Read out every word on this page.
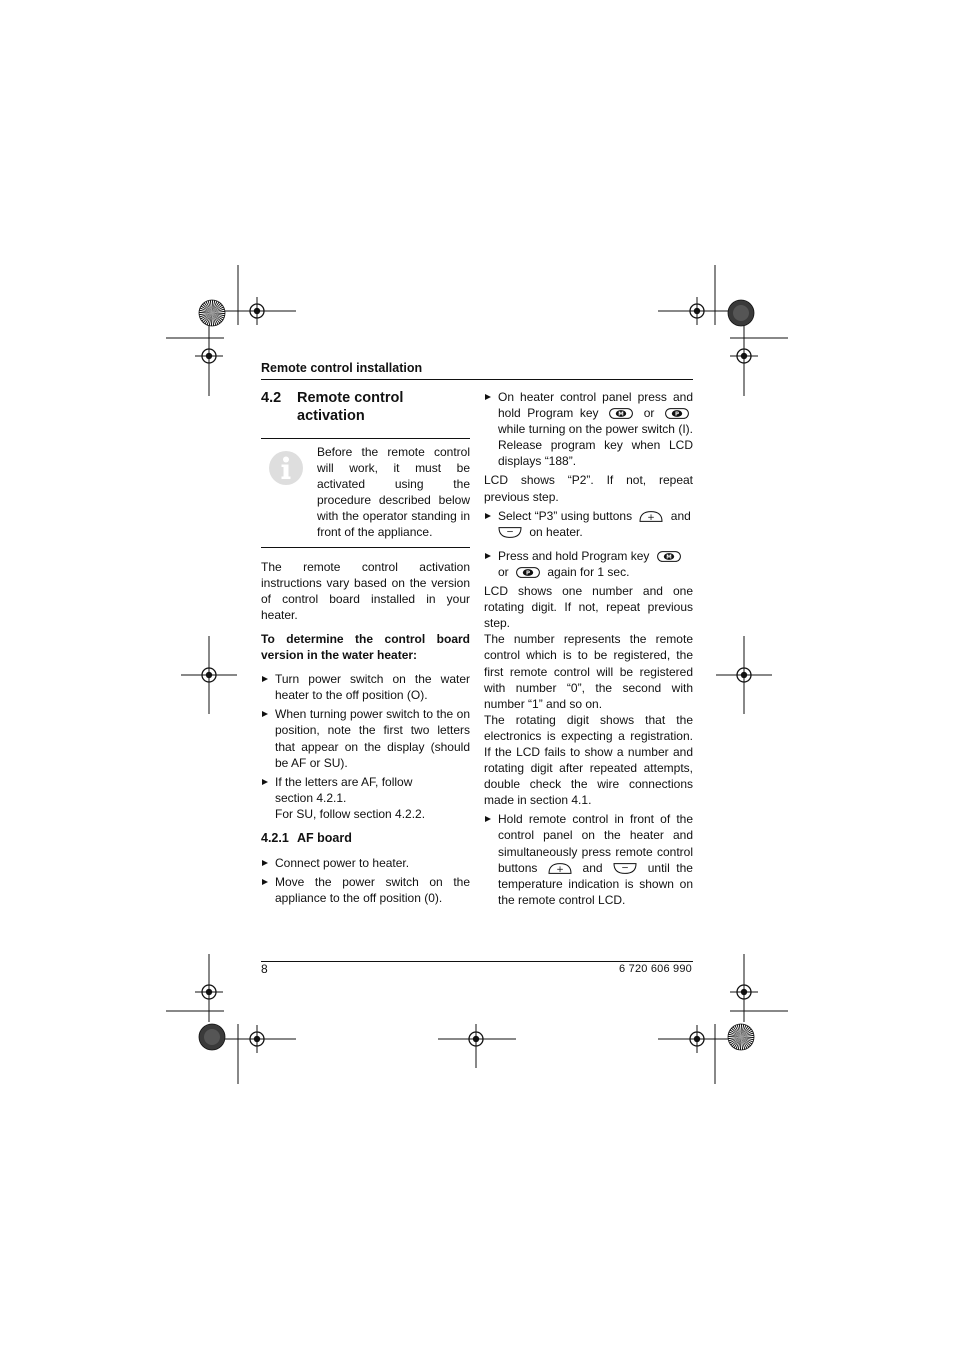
Remote control installation
4.2	Remote control
activation
Before the remote control will work, it must be activated using the procedure described below with the operator standing in front of the appliance.

The remote control activation instructions vary based on the version of control board installed in your heater.

To determine the control board version in the water heater:

Turn power switch on the water heater to the off position (O).
When turning power switch to the on position, note the first two letters that appear on the display (should be AF or SU).
If the letters are AF, follow
section 4.2.1.
For SU, follow section 4.2.2.
4.2.1 AF board
Connect power to heater.
Move the power switch on the appliance to the off position (0).
On heater control panel press and hold Program key	M or	P
while turning on the power switch (I). Release program key when LCD displays “188”.

LCD shows “P2”. If not, repeat previous step.

Select “P3” using buttons + and

− on heater.
Press and hold Program key	M

or	P again for 1 sec.

LCD shows one number and one rotating digit. If not, repeat previous step.

The number represents the remote control which is to be registered, the first remote control will be registered with number “0”, the second with number “1” and so on.

The rotating digit shows that the electronics is expecting a registration. If the LCD fails to show a number and rotating digit after repeated attempts, double check the wire connections made in section 4.1.

Hold remote control in front of the control panel on the heater and simultaneously press remote control buttons + and − until the temperature indication is shown on the remote control LCD.
8	6 720 606 990
